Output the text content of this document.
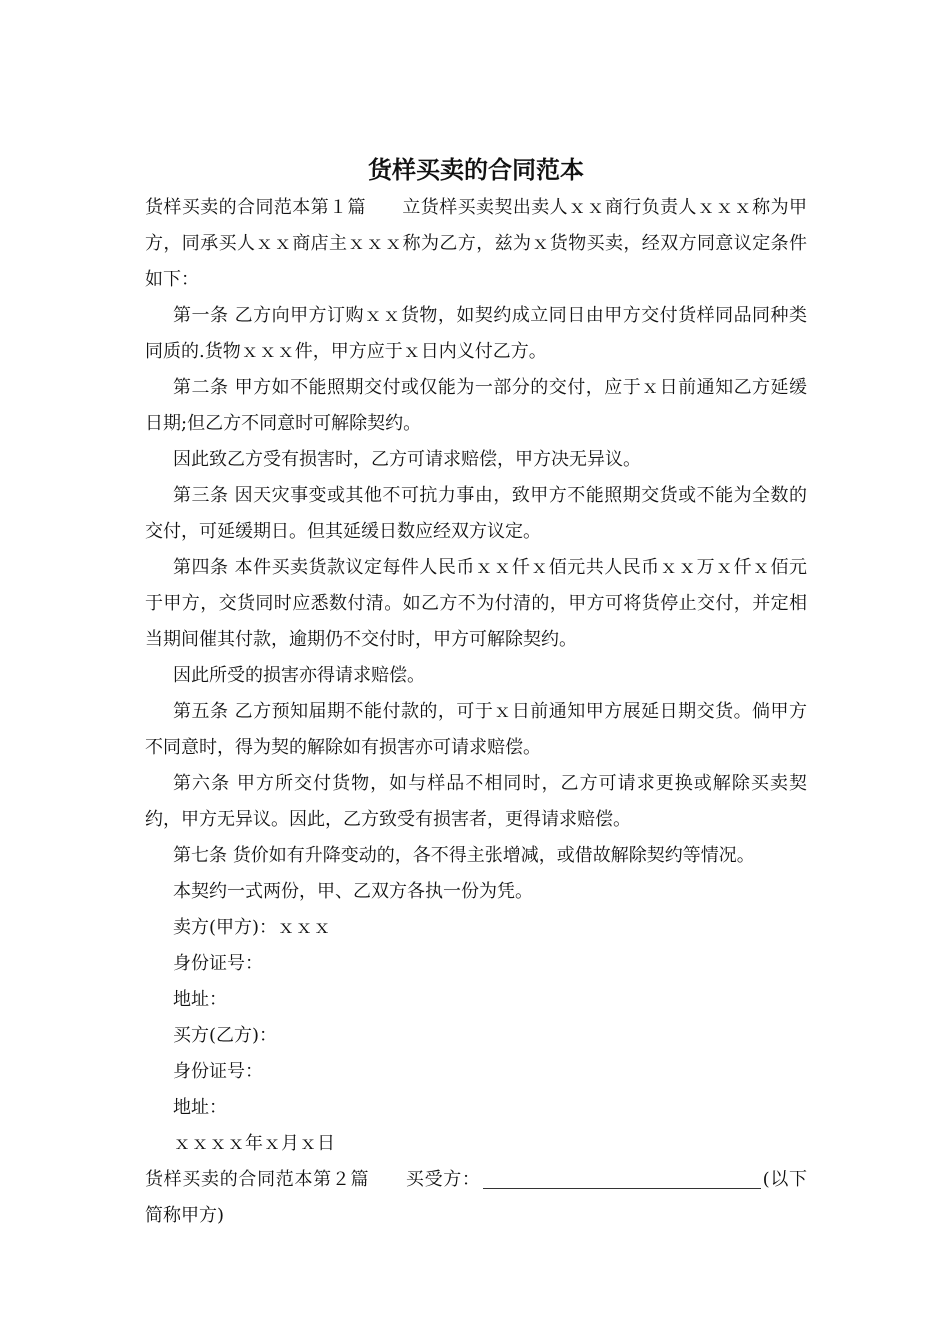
货样买卖的合同范本

货样买卖的合同范本第１篇 立货样买卖契出卖人ｘｘ商行负责人ｘｘｘ称为甲方，同承买人ｘｘ商店主ｘｘｘ称为乙方，兹为ｘ货物买卖，经双方同意议定条件如下：

第一条 乙方向甲方订购ｘｘ货物，如契约成立同日由甲方交付货样同品同种类同质的.货物ｘｘｘ件，甲方应于ｘ日内义付乙方。

第二条 甲方如不能照期交付或仅能为一部分的交付，应于ｘ日前通知乙方延缓日期;但乙方不同意时可解除契约。

因此致乙方受有损害时，乙方可请求赔偿，甲方决无异议。

第三条 因天灾事变或其他不可抗力事由，致甲方不能照期交货或不能为全数的交付，可延缓期日。但其延缓日数应经双方议定。

第四条 本件买卖货款议定每件人民币ｘｘ仟ｘ佰元共人民币ｘｘ万ｘ仟ｘ佰元于甲方，交货同时应悉数付清。如乙方不为付清的，甲方可将货停止交付，并定相当期间催其付款，逾期仍不交付时，甲方可解除契约。

因此所受的损害亦得请求赔偿。

第五条 乙方预知届期不能付款的，可于ｘ日前通知甲方展延日期交货。倘甲方不同意时，得为契的解除如有损害亦可请求赔偿。

第六条 甲方所交付货物，如与样品不相同时，乙方可请求更换或解除买卖契约，甲方无异议。因此，乙方致受有损害者，更得请求赔偿。

第七条 货价如有升降变动的，各不得主张增减，或借故解除契约等情况。

本契约一式两份，甲、乙双方各执一份为凭。

卖方(甲方)：ｘｘｘ

身份证号：

地址：

买方(乙方)：

身份证号：

地址：

ｘｘｘｘ年ｘ月ｘ日

货样买卖的合同范本第２篇 买受方：	(以下简称甲方)
